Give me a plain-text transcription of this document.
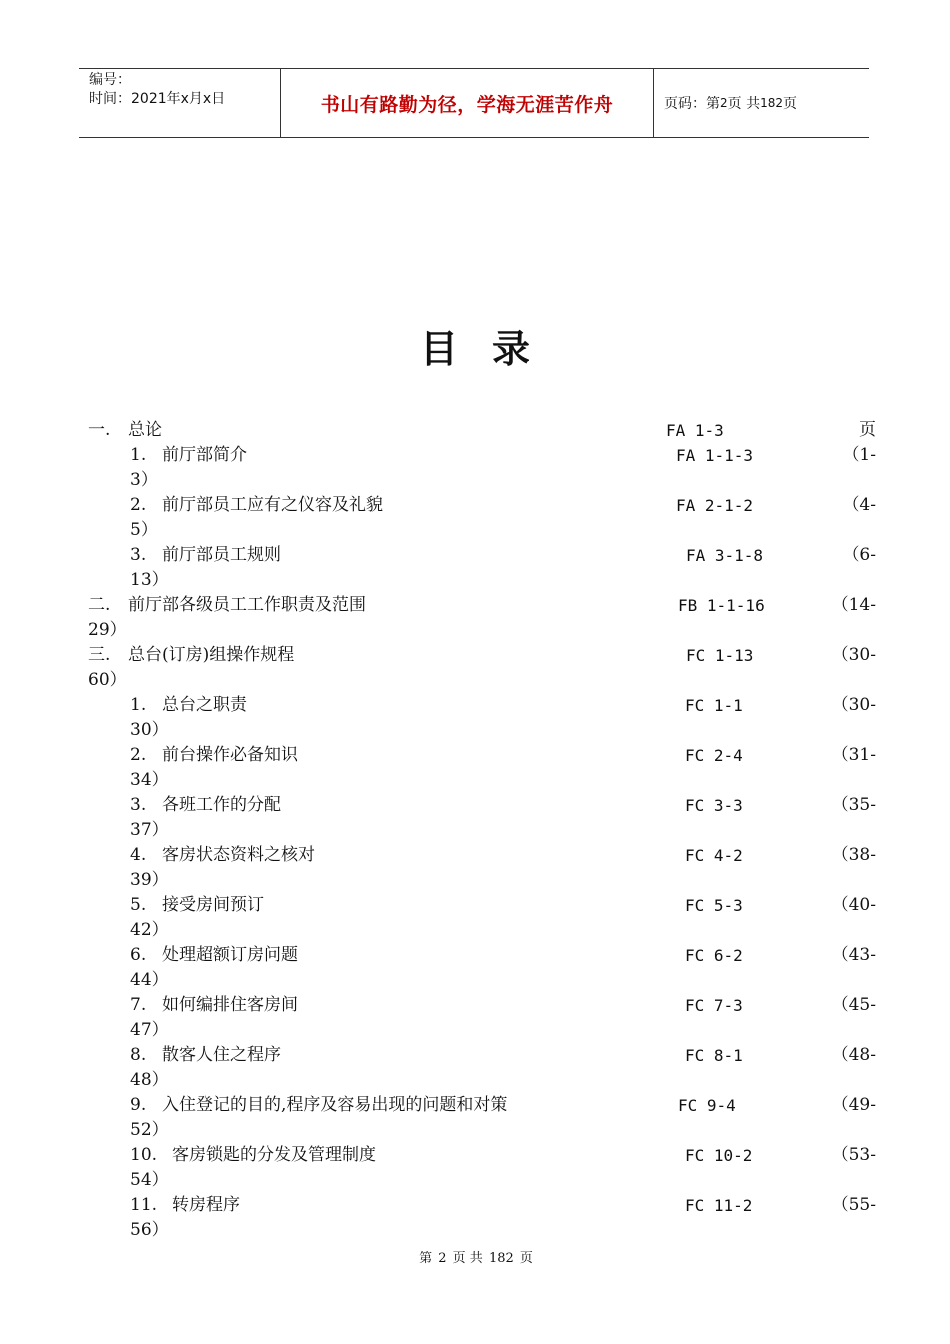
编号：
时间：2021年x月x日	书山有路勤为径，学海无涯苦作舟	页码：第 2 页 共 182 页
目录
一. 总论	FA 1-3	页
1. 前厅部简介	FA 1-1-3	（1-
3）
2. 前厅部员工应有之仪容及礼貌	FA 2-1-2	（4-
5）
3. 前厅部员工规则	FA 3-1-8	（6-
13）
二. 前厅部各级员工工作职责及范围	FB 1-1-16	（14-
29）
三. 总台(订房)组操作规程	FC 1-13	（30-
60）
1. 总台之职责	FC 1-1	（30-
30）
2. 前台操作必备知识	FC 2-4	（31-
34）
3. 各班工作的分配	FC 3-3	（35-
37）
4. 客房状态资料之核对	FC 4-2	（38-
39）
5. 接受房间预订	FC 5-3	（40-
42）
6. 处理超额订房问题	FC 6-2	（43-
44）
7. 如何编排住客房间	FC 7-3	（45-
47）
8. 散客人住之程序	FC 8-1	（48-
48）
9. 入住登记的目的,程序及容易出现的问题和对策	FC 9-4	（49-
52）
10. 客房锁匙的分发及管理制度	FC 10-2	（53-
54）
11. 转房程序	FC 11-2	（55-
56）
第 2 页 共 182 页
